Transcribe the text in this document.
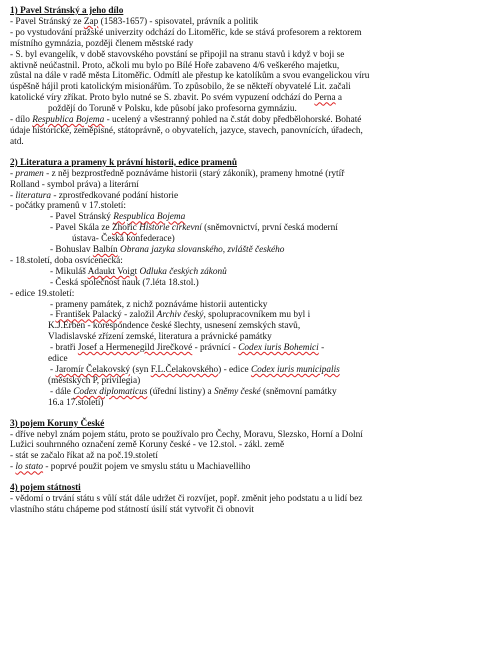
1) Pavel Stránský a jeho dílo

- Pavel Stránský ze Zap (1583-1657) - spisovatel, právník a politik

- po vystudování pražské univerzity odchází do Litoměřic, kde se stává profesorem a rektorem

místního gymnázia, později členem městské rady

- S. byl evangelík, v době stavovského povstání se připojil na stranu stavů i když v boji se

aktivně neúčastnil. Proto, ačkoli mu bylo po Bílé Hoře zabaveno 4/6 veškerého majetku,

zůstal na dále v radě města Litoměřic. Odmítl ale přestup ke katolíkům a svou evangelickou víru

úspěšně hájil proti katolickým misionářům. To způsobilo, že se někteří obyvatelé Lit. začali

katolické víry zříkat. Proto bylo nutné se S. zbavit. Po svém vypuzení odchází do Perna a

poždějí do Toruně v Polsku, kde působí jako profesorna gymnáziu.

- dílo Respublica Bojema - ucelený a všestranný pohled na č.stát doby předbělohorské. Bohaté

údaje historické, zeměpisné, státoprávně, o obyvatelích, jazyce, stavech, panovnících, úřadech,

atd.

2) Literatura a prameny k právní historii, edice pramenů

- pramen - z něj bezprostředně poznáváme historii (starý zákoník), prameny hmotné (rytíř

Rolland - symbol práva) a literární

- literatura - zprostředkované podání historie

- počátky pramenů v 17.století:

- Pavel Stránský Respublica Bojema

- Pavel Skála ze Zhořic Historie církevní (sněmovnictví, první česká moderní

ústava- Česká konfederace)

- Bohuslav Balbín Obrana jazyka slovanského, zvláště českého

- 18.století, doba osvícenecká:

- Mikuláš Adaukt Voigt Odluka českých zákonů

- Česká společnost nauk (7.léta 18.stol.)

- edice 19.století:

- prameny památek, z nichž poznáváme historii autenticky

- František Palacký - založil Archiv český, spolupracovníkem mu byl i

K.J.Erben - korespondence české šlechty, usnesení zemských stavů,

Vladislavské zřízení zemské, literatura a právnické památky

- bratři Josef a Hermenegild Jirečkové - právnící - Codex iuris Bohemici -

edice

- Jaromír Čelakovský (syn F.L.Čelakovského) - edice Codex iuris municipalis

(městských P, privilegia)

- dále Codex diplomaticus (úřední listiny) a Sněmy české (sněmovní památky

16.a 17.století)

3) pojem Koruny České

- dříve nebyl znám pojem státu, proto se používalo pro Čechy, Moravu, Slezsko, Horní a Dolní

Lužici souhrnného označení země Koruny české - ve 12.stol. - zákl. země

- stát se začalo říkat až na poč.19.století

- lo stato - poprvé použit pojem ve smyslu státu u Machiavelliho

4) pojem státnosti

- vědomí o trvání státu s vůlí stát dále udržet či rozvíjet, popř. změnit jeho podstatu a u lidí bez

vlastního státu chápeme pod státností úsilí stát vytvořit či obnovit
